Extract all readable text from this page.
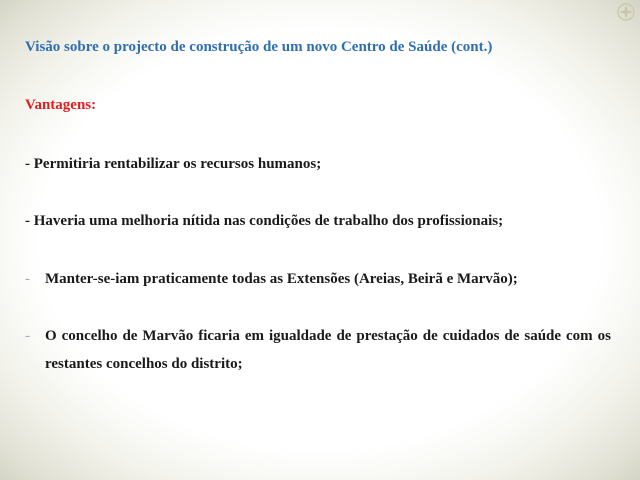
Visão sobre o projecto de construção de um novo Centro de Saúde (cont.)
Vantagens:
- Permitiria rentabilizar os recursos humanos;
- Haveria uma melhoria nítida nas condições de trabalho dos profissionais;
- Manter-se-iam praticamente todas as Extensões (Areias, Beirã e Marvão);
- O concelho de Marvão ficaria em igualdade de prestação de cuidados de saúde com os restantes concelhos do distrito;
